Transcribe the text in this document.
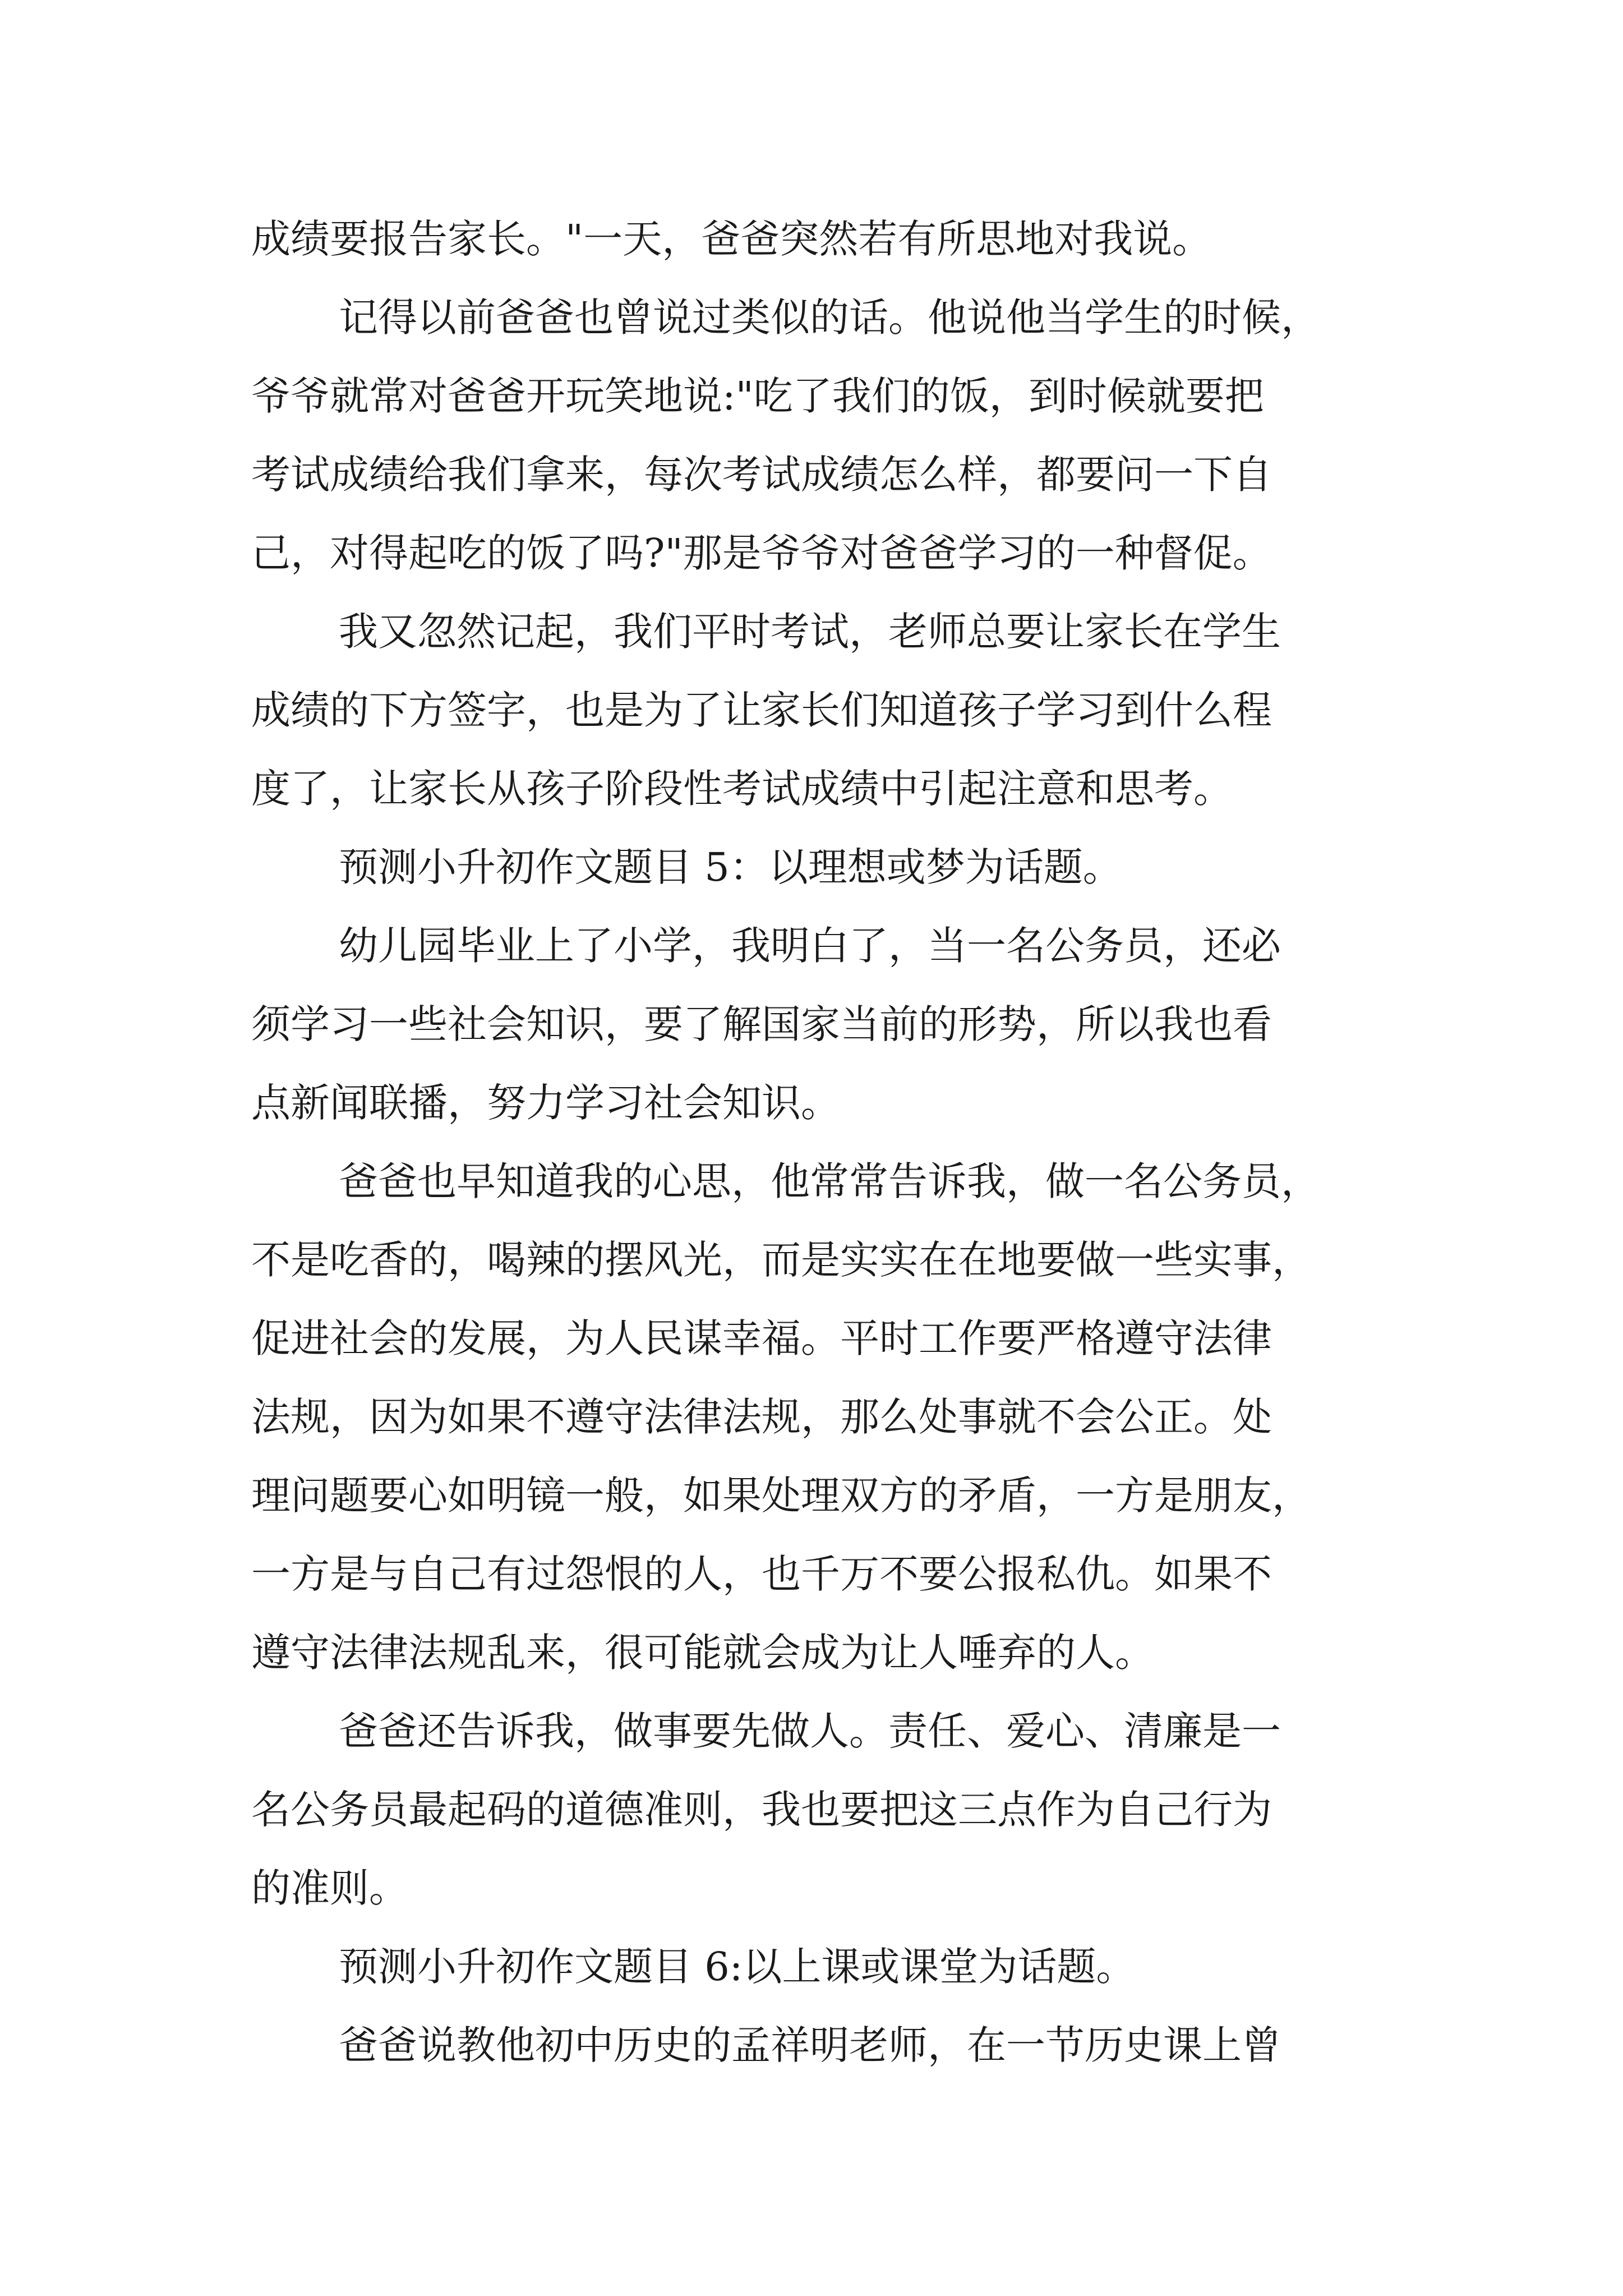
成绩要报告家长。"一天，爸爸突然若有所思地对我说。
记得以前爸爸也曾说过类似的话。他说他当学生的时候，
爷爷就常对爸爸开玩笑地说:"吃了我们的饭，到时候就要把
考试成绩给我们拿来，每次考试成绩怎么样，都要问一下自
己，对得起吃的饭了吗?"那是爷爷对爸爸学习的一种督促。
我又忽然记起，我们平时考试，老师总要让家长在学生
成绩的下方签字，也是为了让家长们知道孩子学习到什么程
度了，让家长从孩子阶段性考试成绩中引起注意和思考。
预测小升初作文题目 5：以理想或梦为话题。
幼儿园毕业上了小学，我明白了，当一名公务员，还必
须学习一些社会知识，要了解国家当前的形势，所以我也看
点新闻联播，努力学习社会知识。
爸爸也早知道我的心思，他常常告诉我，做一名公务员，
不是吃香的，喝辣的摆风光，而是实实在在地要做一些实事，
促进社会的发展，为人民谋幸福。平时工作要严格遵守法律
法规，因为如果不遵守法律法规，那么处事就不会公正。处
理问题要心如明镜一般，如果处理双方的矛盾，一方是朋友，
一方是与自己有过怨恨的人，也千万不要公报私仇。如果不
遵守法律法规乱来，很可能就会成为让人唾弃的人。
爸爸还告诉我，做事要先做人。责任、爱心、清廉是一
名公务员最起码的道德准则，我也要把这三点作为自己行为
的准则。
预测小升初作文题目 6:以上课或课堂为话题。
爸爸说教他初中历史的孟祥明老师，在一节历史课上曾
